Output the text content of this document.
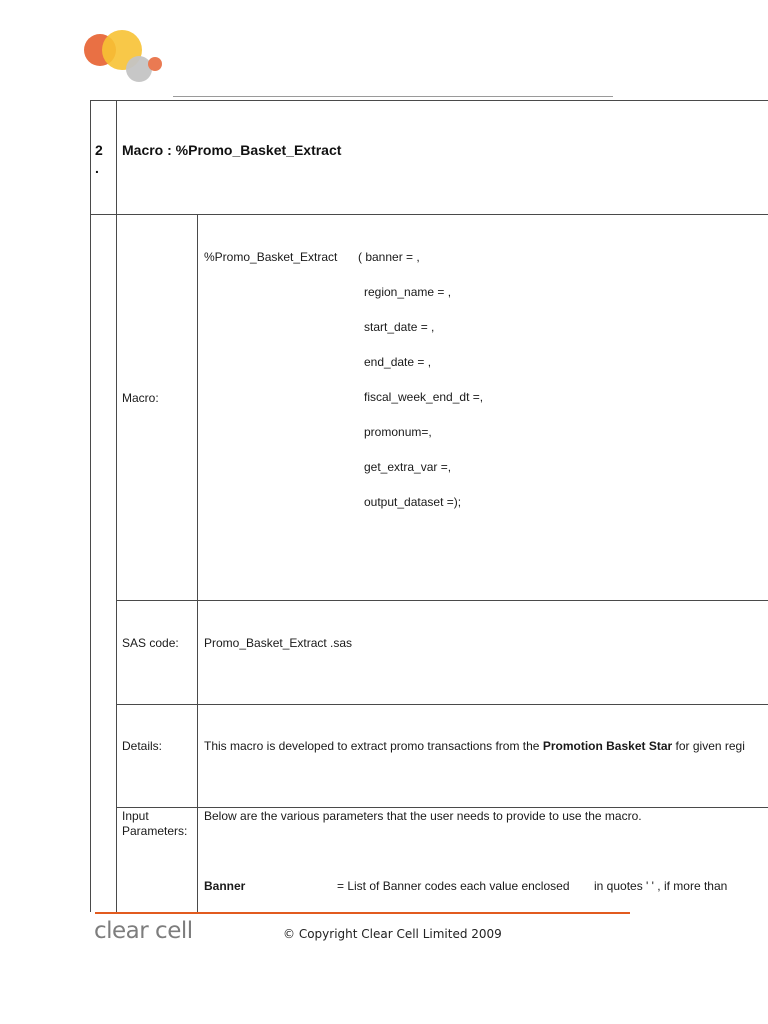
2
.
Macro : %Promo_Basket_Extract
Macro:
%Promo_Basket_Extract ( banner = ,
region_name = ,
start_date = ,
end_date = ,
fiscal_week_end_dt =,
promonum=,
get_extra_var =,
output_dataset =);
SAS code: Promo_Basket_Extract .sas
Details:	This macro is developed to extract promo transactions from the Promotion Basket Star for given regi
Input
Parameters:
Below are the various parameters that the user needs to provide to use the macro.
Banner	= List of Banner codes each value enclosed in quotes ' ' , if more than
clear cell	© Copyright Clear Cell Limited 2009
